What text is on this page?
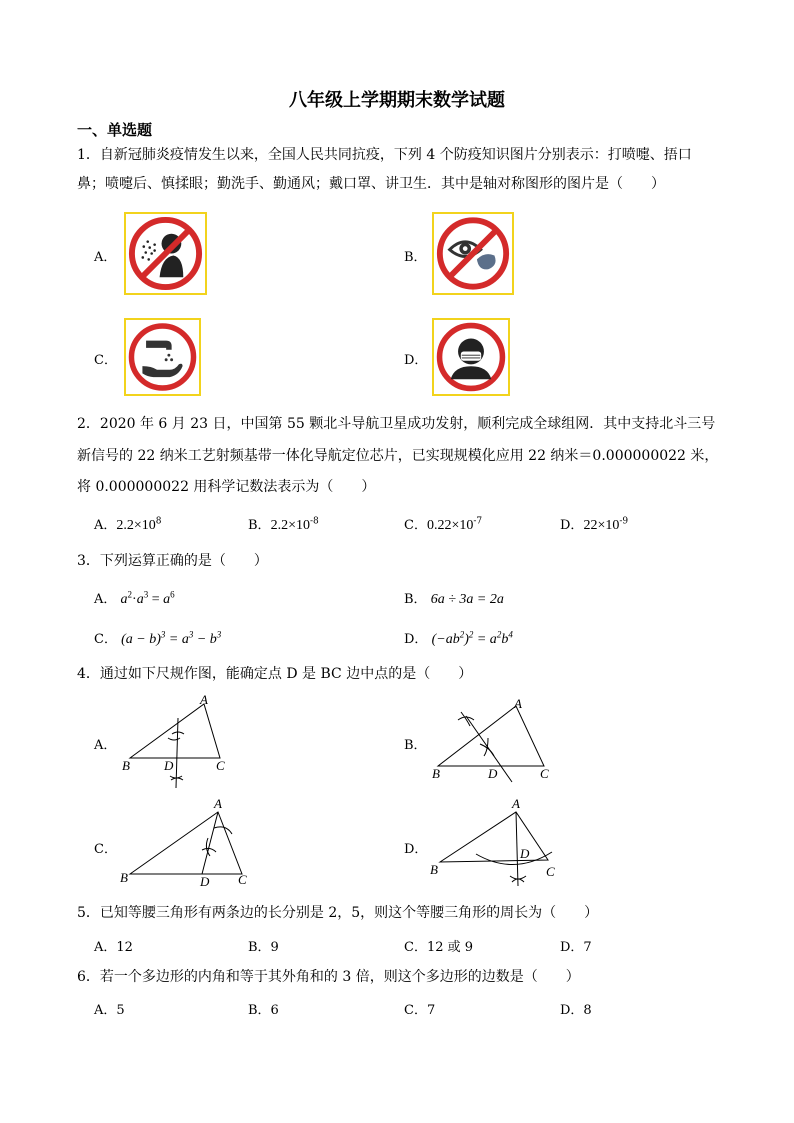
八年级上学期期末数学试题
一、单选题
1．自新冠肺炎疫情发生以来，全国人民共同抗疫，下列 4 个防疫知识图片分别表示：打喷嚏、捂口
鼻；喷嚏后、慎揉眼；勤洗手、勤通风；戴口罩、讲卫生．其中是轴对称图形的图片是（　　）
A．	B．
C．	D．
2．2020 年 6 月 23 日，中国第 55 颗北斗导航卫星成功发射，顺利完成全球组网．其中支持北斗三号
新信号的 22 纳米工艺射频基带一体化导航定位芯片，已实现规模化应用 22 纳米＝0.000000022 米，
将 0.000000022 用科学记数法表示为（　　）
A．$2.2\times 10^8$	B．$2.2\times 10^{-8}$	C．$0.22\times 10^{-7}$	D．$22\times 10^{-9}$
3．下列运算正确的是（　　）
A． $a^2\cdot a^3 = a^6$	B． 6a ÷ 3a = 2a
C． $(a - b)^3 = a^3 - b^3$	D． $(-ab^2)^2 = a^2b^4$
4．通过如下尺规作图，能确定点 D 是 BC 边中点的是（　　）
A．
A
B	C
D
B．
A
B	C
D
C．
A
B	C
D
D．
A
B	C
D
5．已知等腰三角形有两条边的长分别是 2，5，则这个等腰三角形的周长为（　　）
A．12	B．9	C．12 或 9	D．7
6．若一个多边形的内角和等于其外角和的 3 倍，则这个多边形的边数是（　　）
A．5	B．6	C．7	D．8
